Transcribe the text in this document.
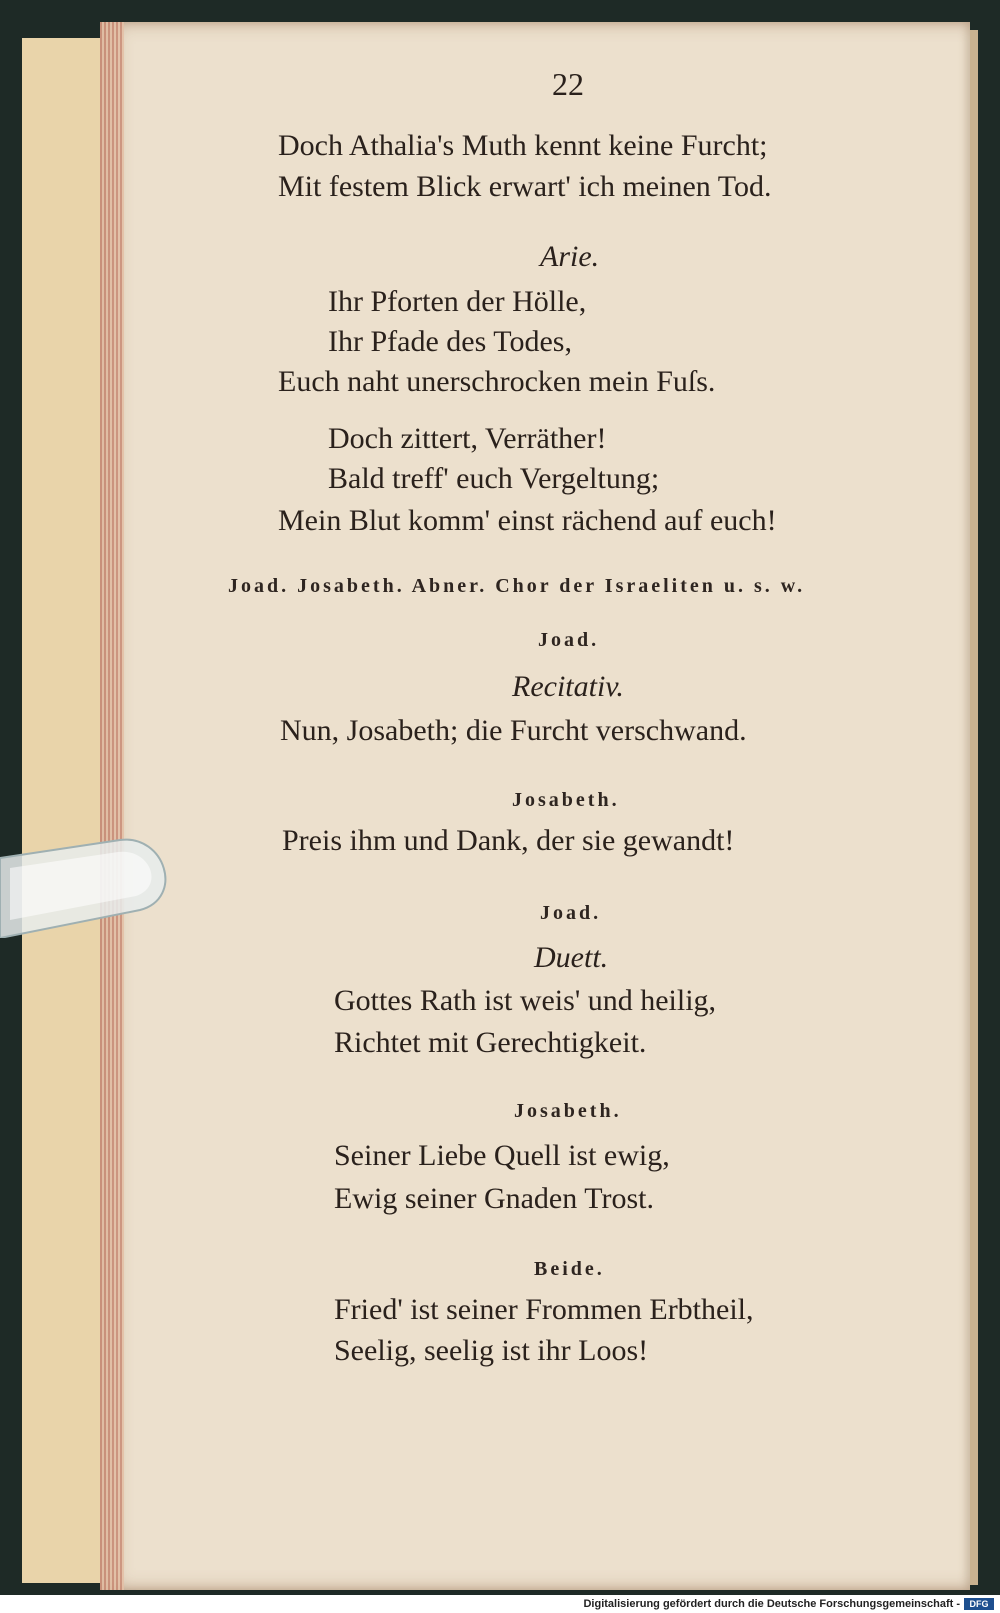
22
Doch Athalia's Muth kennt keine Furcht;
Mit festem Blick erwart' ich meinen Tod.
Arie.
Ihr Pforten der Hölle,
Ihr Pfade des Todes,
Euch naht unerschrocken mein Fuſs.
Doch zittert, Verräther!
Bald treff' euch Vergeltung;
Mein Blut komm' einst rächend auf euch!
Joad. Josabeth. Abner. Chor der Israeliten u. s. w.
Joad.
Recitativ.
Nun, Josabeth; die Furcht verschwand.
Josabeth.
Preis ihm und Dank, der sie gewandt!
Joad.
Duett.
Gottes Rath ist weis' und heilig,
Richtet mit Gerechtigkeit.
Josabeth.
Seiner Liebe Quell ist ewig,
Ewig seiner Gnaden Trost.
Beide.
Fried' ist seiner Frommen Erbtheil,
Seelig, seelig ist ihr Loos!
Digitalisierung gefördert durch die Deutsche Forschungsgemeinschaft -	DFG
